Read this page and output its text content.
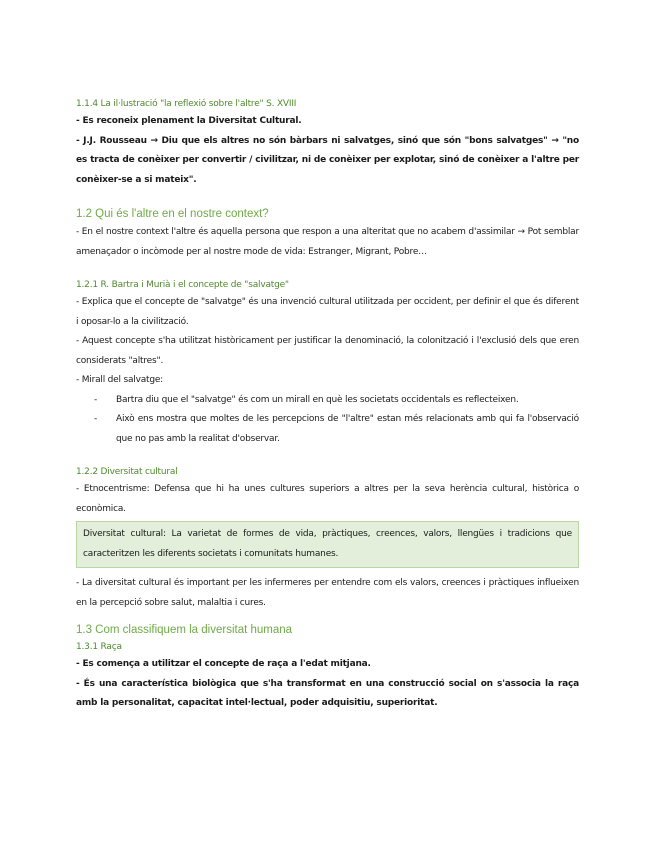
1.1.4 La il·lustració "la reflexió sobre l'altre" S. XVIII

- Es reconeix plenament la Diversitat Cultural.

- J.J. Rousseau → Diu que els altres no són bàrbars ni salvatges, sinó que són "bons salvatges" → "no es tracta de conèixer per convertir / civilitzar, ni de conèixer per explotar, sinó de conèixer a l'altre per conèixer-se a si mateix".

1.2 Qui és l'altre en el nostre context?

- En el nostre context l'altre és aquella persona que respon a una alteritat que no acabem d'assimilar → Pot semblar amenaçador o incòmode per al nostre mode de vida: Estranger, Migrant, Pobre…

1.2.1 R. Bartra i Murià i el concepte de "salvatge"

- Explica que el concepte de "salvatge" és una invenció cultural utilitzada per occident, per definir el que és diferent i oposar-lo a la civilització.

- Aquest concepte s'ha utilitzat històricament per justificar la denominació, la colonització i l'exclusió dels que eren considerats "altres".

- Mirall del salvatge:

-	Bartra diu que el "salvatge" és com un mirall en què les societats occidentals es reflecteixen.

-	Això ens mostra que moltes de les percepcions de "l'altre" estan més relacionats amb qui fa l'observació que no pas amb la realitat d'observar.

1.2.2 Diversitat cultural

- Etnocentrisme: Defensa que hi ha unes cultures superiors a altres per la seva herència cultural, històrica o econòmica.

Diversitat cultural: La varietat de formes de vida, pràctiques, creences, valors, llengües i tradicions que caracteritzen les diferents societats i comunitats humanes.

- La diversitat cultural és important per les infermeres per entendre com els valors, creences i pràctiques influeixen en la percepció sobre salut, malaltia i cures.

1.3 Com classifiquem la diversitat humana

1.3.1 Raça

- Es comença a utilitzar el concepte de raça a l'edat mitjana.

- És una característica biològica que s'ha transformat en una construcció social on s'associa la raça amb la personalitat, capacitat intel·lectual, poder adquisitiu, superioritat.
